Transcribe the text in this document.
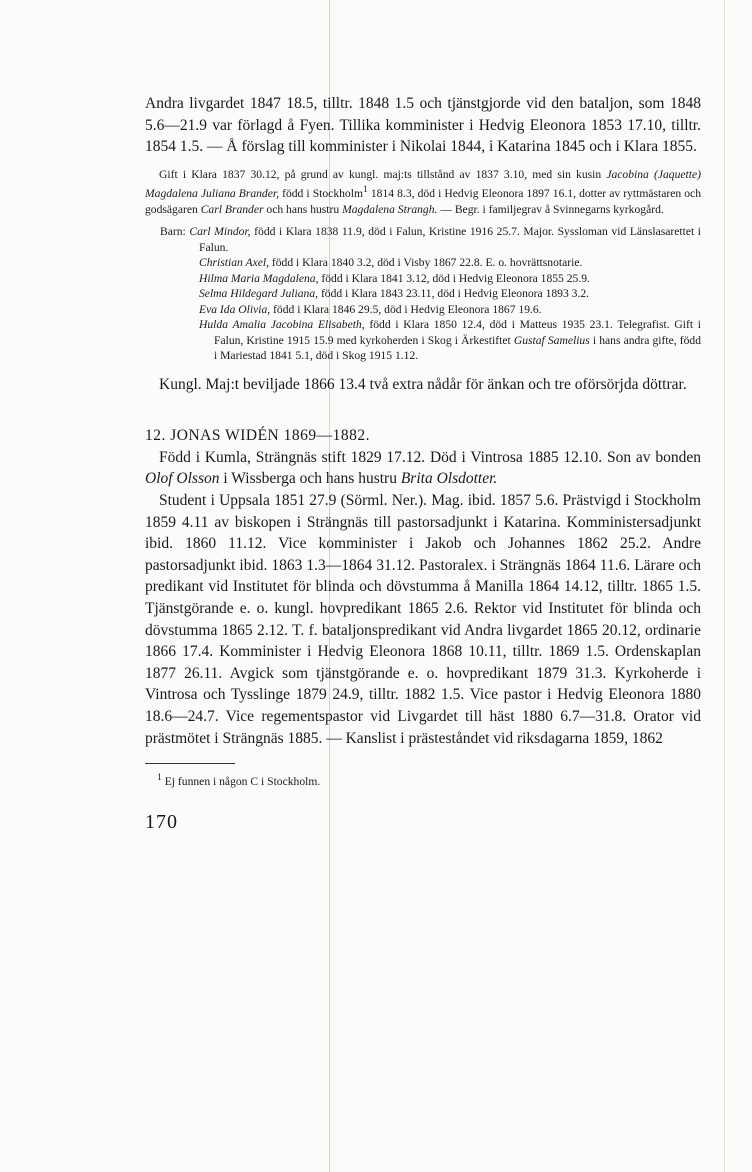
Andra livgardet 1847 18.5, tilltr. 1848 1.5 och tjänstgjorde vid den bataljon, som 1848 5.6—21.9 var förlagd å Fyen. Tillika komminister i Hedvig Eleonora 1853 17.10, tilltr. 1854 1.5. — Å förslag till komminister i Nikolai 1844, i Katarina 1845 och i Klara 1855.

Gift i Klara 1837 30.12, på grund av kungl. maj:ts tillstånd av 1837 3.10, med sin kusin Jacobina (Jaquette) Magdalena Juliana Brander, född i Stockholm$^1$ 1814 8.3, död i Hedvig Eleonora 1897 16.1, dotter av ryttmästaren och godsägaren Carl Brander och hans hustru Magdalena Strangh. — Begr. i familjegrav å Svinnegarns kyrkogård.

Barn: Carl Mindor, född i Klara 1838 11.9, död i Falun, Kristine 1916 25.7. Major. Syssloman vid Länslasarettet i Falun.

Christian Axel, född i Klara 1840 3.2, död i Visby 1867 22.8. E. o. hovrättsnotarie.

Hilma Maria Magdalena, född i Klara 1841 3.12, död i Hedvig Eleonora 1855 25.9.

Selma Hildegard Juliana, född i Klara 1843 23.11, död i Hedvig Eleonora 1893 3.2.

Eva Ida Olivia, född i Klara 1846 29.5, död i Hedvig Eleonora 1867 19.6.

Hulda Amalia Jacobina Elisabeth, född i Klara 1850 12.4, död i Matteus 1935 23.1. Telegrafist. Gift i Falun, Kristine 1915 15.9 med kyrkoherden i Skog i Ärkestiftet Gustaf Samelius i hans andra gifte, född i Mariestad 1841 5.1, död i Skog 1915 1.12.

Kungl. Maj:t beviljade 1866 13.4 två extra nådår för änkan och tre oförsörjda döttrar.

12. JONAS WIDÉN 1869—1882.

Född i Kumla, Strängnäs stift 1829 17.12. Död i Vintrosa 1885 12.10. Son av bonden Olof Olsson i Wissberga och hans hustru Brita Olsdotter.

Student i Uppsala 1851 27.9 (Sörml. Ner.). Mag. ibid. 1857 5.6. Prästvigd i Stockholm 1859 4.11 av biskopen i Strängnäs till pastorsadjunkt i Katarina. Komministersadjunkt ibid. 1860 11.12. Vice komminister i Jakob och Johannes 1862 25.2. Andre pastorsadjunkt ibid. 1863 1.3—1864 31.12. Pastoralex. i Strängnäs 1864 11.6. Lärare och predikant vid Institutet för blinda och dövstumma å Manilla 1864 14.12, tilltr. 1865 1.5. Tjänstgörande e. o. kungl. hovpredikant 1865 2.6. Rektor vid Institutet för blinda och dövstumma 1865 2.12. T. f. bataljonspredikant vid Andra livgardet 1865 20.12, ordinarie 1866 17.4. Komminister i Hedvig Eleonora 1868 10.11, tilltr. 1869 1.5. Ordenskaplan 1877 26.11. Avgick som tjänstgörande e. o. hovpredikant 1879 31.3. Kyrkoherde i Vintrosa och Tysslinge 1879 24.9, tilltr. 1882 1.5. Vice pastor i Hedvig Eleonora 1880 18.6—24.7. Vice regementspastor vid Livgardet till häst 1880 6.7—31.8. Orator vid prästmötet i Strängnäs 1885. — Kanslist i prästeståndet vid riksdagarna 1859, 1862

$^1$ Ej funnen i någon C i Stockholm.

170
